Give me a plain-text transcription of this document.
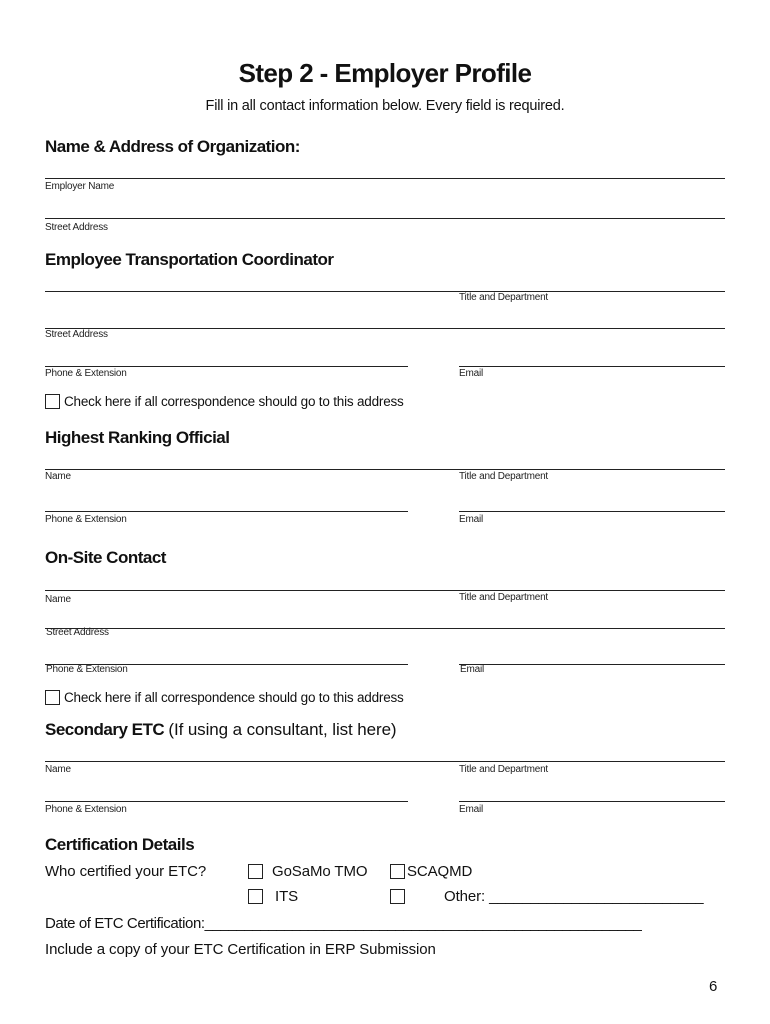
Step 2 - Employer Profile
Fill in all contact information below. Every field is required.
Name & Address of Organization:
Employer Name
Street Address
Employee Transportation Coordinator
Title and Department
Street Address
Phone & Extension	Email
Check here if all correspondence should go to this address
Highest Ranking Official
Name	Title and Department
Phone & Extension	Email
On-Site Contact
Name	Title and Department
Street Address
Phone & Extension	Email
Check here if all correspondence should go to this address
Secondary ETC (If using a consultant, list here)
Name	Title and Department
Phone & Extension	Email
Certification Details
Who certified your ETC?	GoSaMo TMO	SCAQMD
ITS	Other: __________________________
Date of ETC Certification:_______________________________________________________
Include a copy of your ETC Certification in ERP Submission
6
